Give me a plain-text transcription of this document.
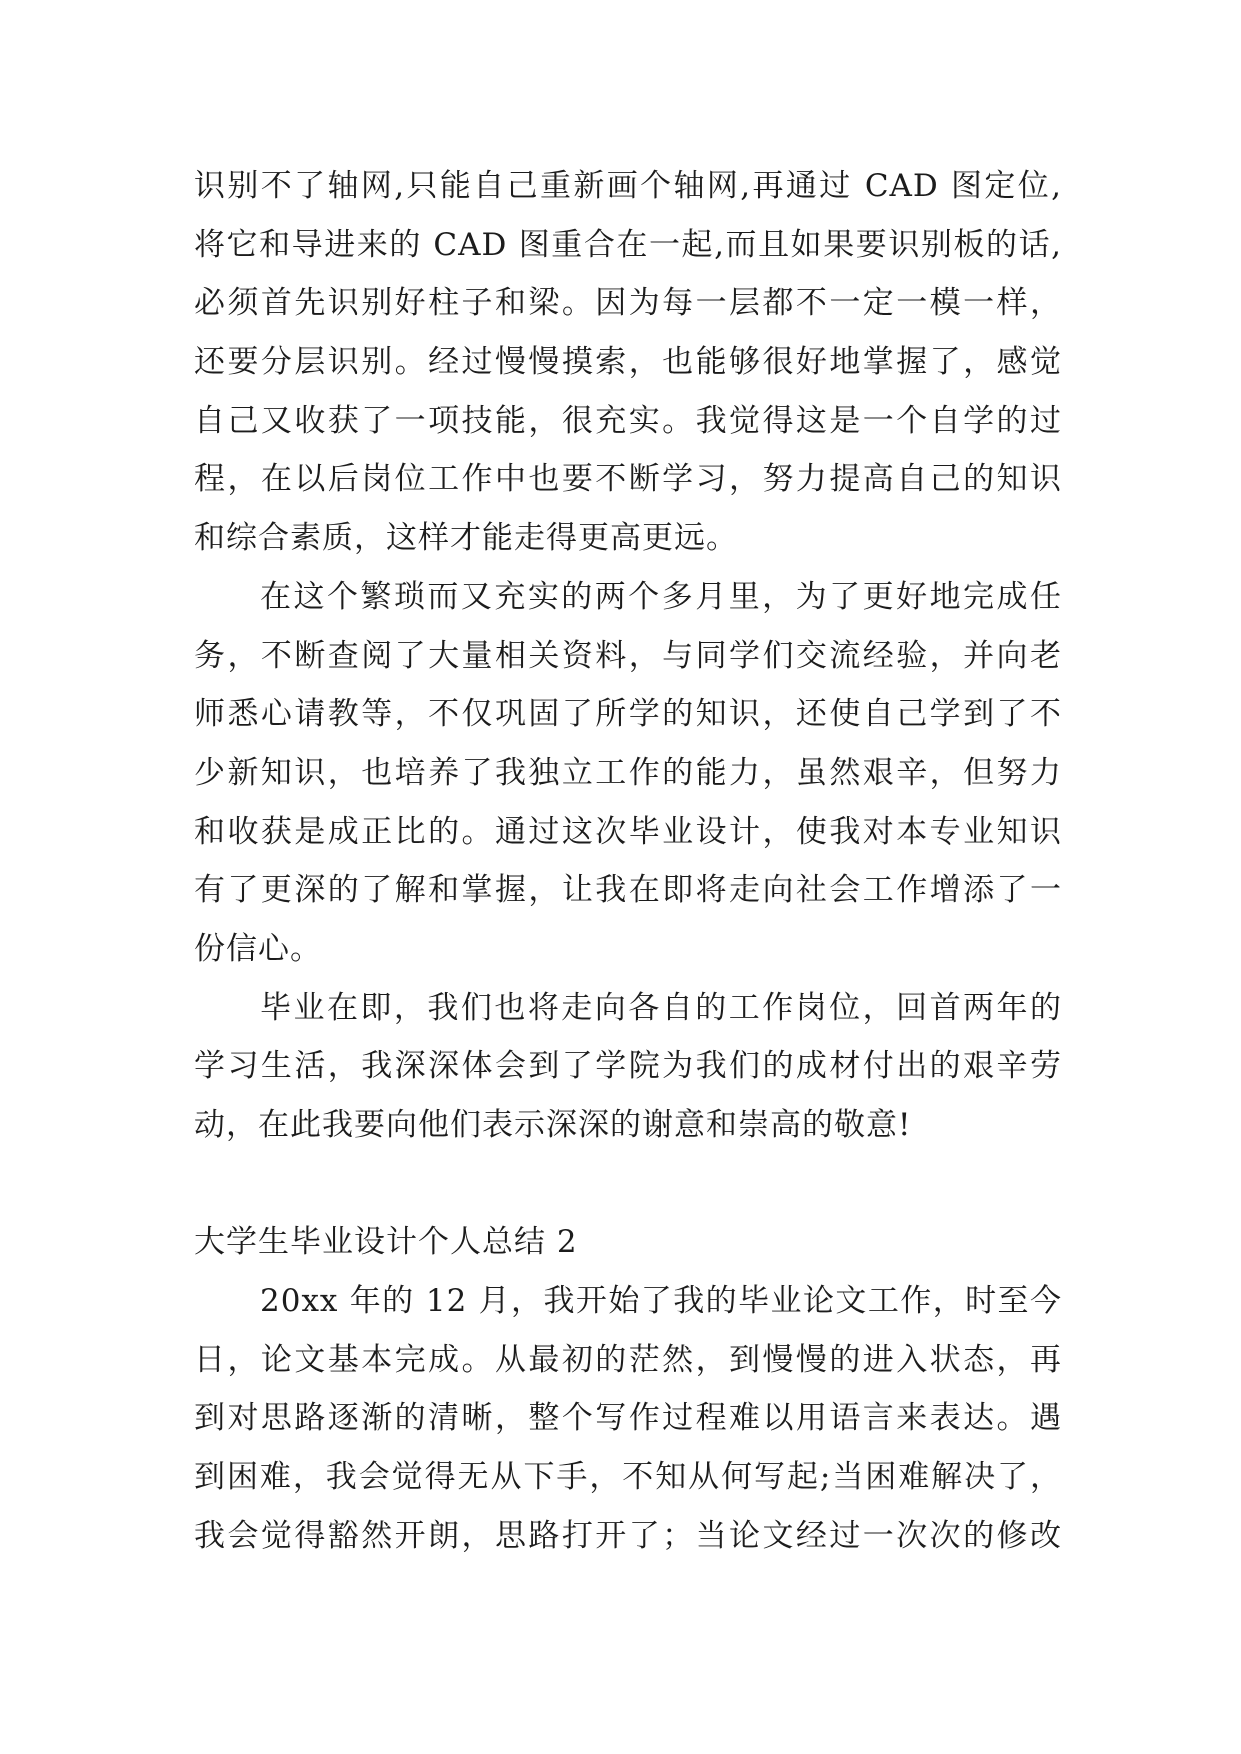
识别不了轴网,只能自己重新画个轴网,再通过 CAD 图定位,
将它和导进来的 CAD 图重合在一起,而且如果要识别板的话,
必须首先识别好柱子和梁。因为每一层都不一定一模一样，
还要分层识别。经过慢慢摸索，也能够很好地掌握了，感觉
自己又收获了一项技能，很充实。我觉得这是一个自学的过
程，在以后岗位工作中也要不断学习，努力提高自己的知识
和综合素质，这样才能走得更高更远。
在这个繁琐而又充实的两个多月里，为了更好地完成任
务，不断查阅了大量相关资料，与同学们交流经验，并向老
师悉心请教等，不仅巩固了所学的知识，还使自己学到了不
少新知识，也培养了我独立工作的能力，虽然艰辛，但努力
和收获是成正比的。通过这次毕业设计，使我对本专业知识
有了更深的了解和掌握，让我在即将走向社会工作增添了一
份信心。
毕业在即，我们也将走向各自的工作岗位，回首两年的
学习生活，我深深体会到了学院为我们的成材付出的艰辛劳
动，在此我要向他们表示深深的谢意和崇高的敬意!
大学生毕业设计个人总结 2
20xx 年的 12 月，我开始了我的毕业论文工作，时至今
日，论文基本完成。从最初的茫然，到慢慢的进入状态，再
到对思路逐渐的清晰，整个写作过程难以用语言来表达。遇
到困难，我会觉得无从下手，不知从何写起;当困难解决了，
我会觉得豁然开朗，思路打开了；当论文经过一次次的修改
